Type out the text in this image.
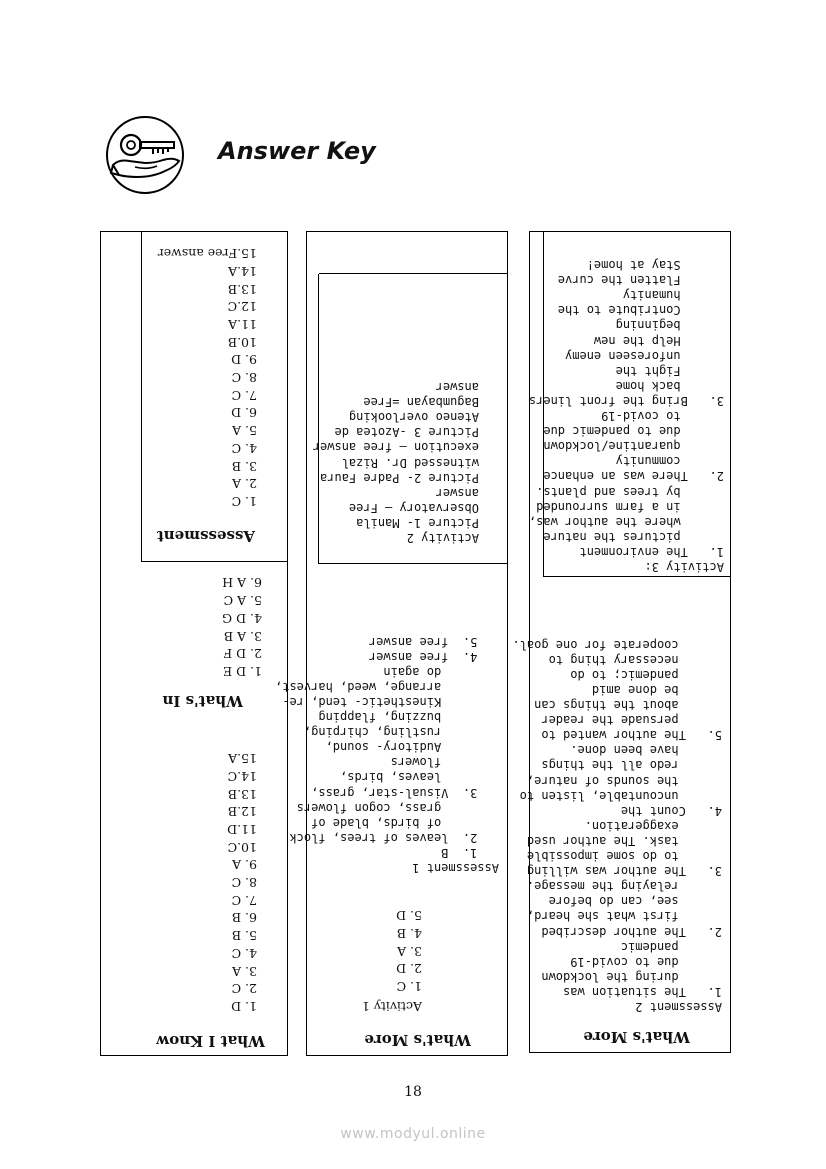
Answer Key
What I Know
1. D
2. C
3. A
4. C
5. B
6. B
7. C
8. C
9. A
10.C
11.D
12.B
13.B
14.C
15.A
What's In
1. D E
2. D F
3. A B
4. D G
5. A C
6. A H
Assessment
1. C
2. A
3. B
4. C
5. A
6. D
7. C
8. C
9. D
10.B
11.A
12.C
13.B
14.A
15.Free answer
What's More
Activity 1
1. C
2. D
3. A
4. B
5. D
Assessment 1
1.  B
2.  leaves of trees, flock
of birds, blade of
grass, cogon flowers
3.  Visual-star, grass,
leaves, birds,
flowers
Auditory- sound,
rustling, chirping,
buzzing, flapping
Kinesthetic- tend, re-
arrange, weed, harvest,
do again
4.  free answer
5.  free answer
Activity 2
Picture 1- Manila
Observatory – Free
answer
Picture 2- Padre Faura
witnessed Dr. Rizal
execution – free answer
Picture 3 -Azotea de
Ateneo overlooking
Bagumbayan =Free
answer
What's More
Assessment 2
1.   The situation was
during the lockdown
due to covid-19
pandemic
2.   The author described
first what she heard,
see, can do before
relaying the message.
3.   The author was willing
to do some impossible
task. The author used
exaggeration.
4.   Count the
uncountable, listen to
the sounds of nature,
redo all the things
have been done.
5.   The author wanted to
persuade the reader
about the things can
be done amid
pandemic; to do
necessary thing to
cooperate for one goal.
Activity 3:
1.   The environment
pictures the nature
where the author was,
in a farm surrounded
by trees and plants.
2.   There was an enhance
community
quarantine/lockdown
due to pandemic due
to covid-19
3.   Bring the front liners
back home
Fight the
unforeseen enemy
Help the new
beginning
Contribute to the
humanity
Flatten the curve
Stay at home!
18
www.modyul.online
